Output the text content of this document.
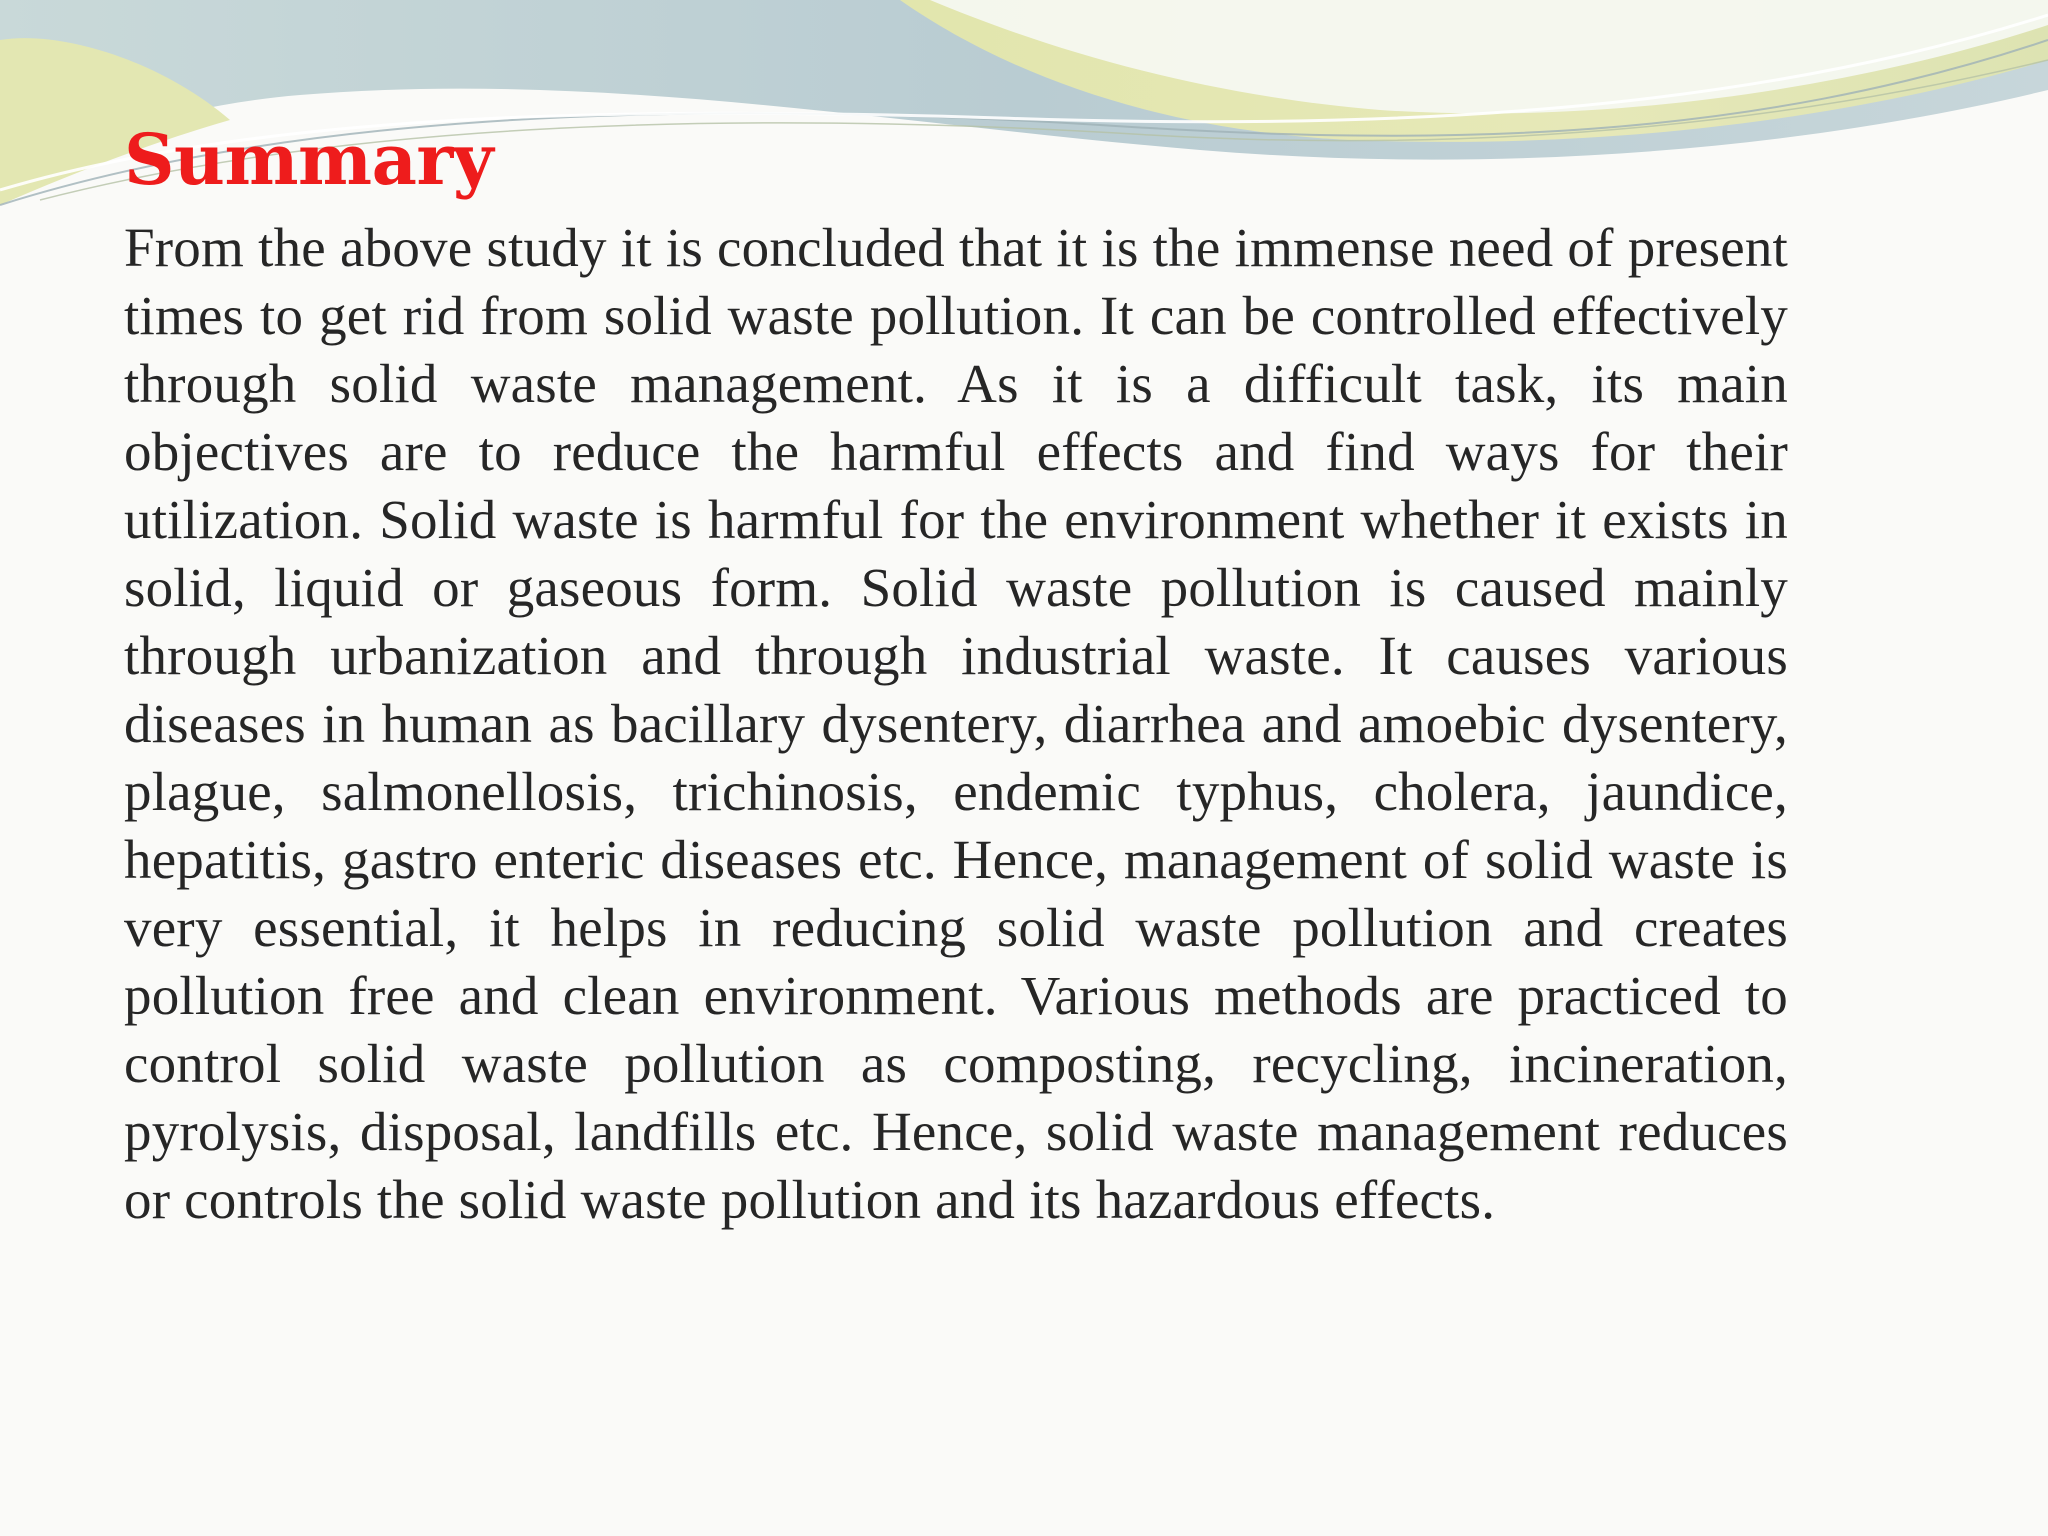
Summary

From the above study it is concluded that it is the immense need of present times to get rid from solid waste pollution. It can be controlled effectively through solid waste management. As it is a difficult task, its main objectives are to reduce the harmful effects and find ways for their utilization. Solid waste is harmful for the environment whether it exists in solid, liquid or gaseous form. Solid waste pollution is caused mainly through urbanization and through industrial waste. It causes various diseases in human as bacillary dysentery, diarrhea and amoebic dysentery, plague, salmonellosis, trichinosis, endemic typhus, cholera, jaundice, hepatitis, gastro enteric diseases etc. Hence, management of solid waste is very essential, it helps in reducing solid waste pollution and creates pollution free and clean environment. Various methods are practiced to control solid waste pollution as composting, recycling, incineration, pyrolysis, disposal, landfills etc. Hence, solid waste management reduces or controls the solid waste pollution and its hazardous effects.
